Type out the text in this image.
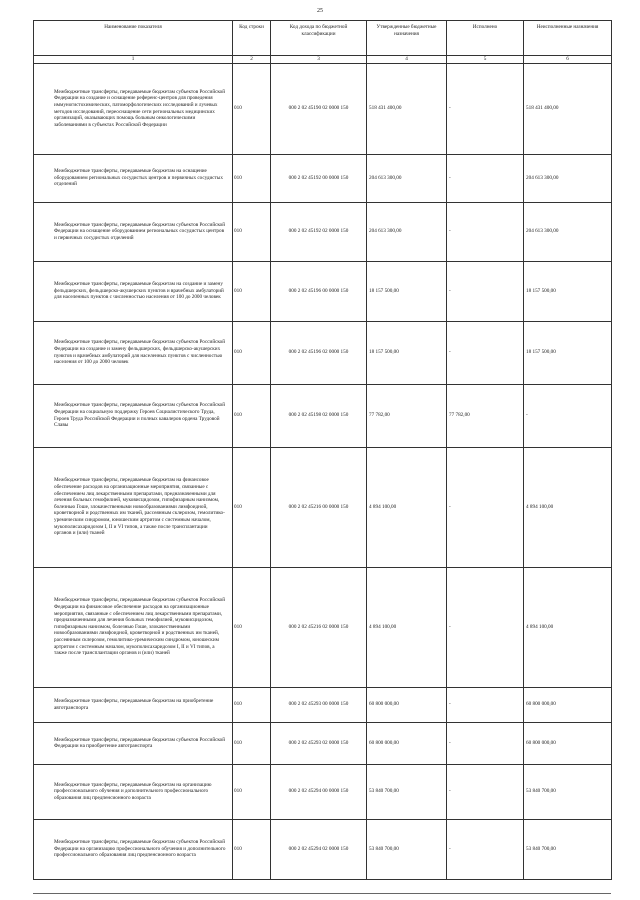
25
Наименование показателя	Код строки	Код дохода по бюджетной классификации	Утвержденные бюджетные назначения	Исполнено	Неисполненные назначения
1	2	3	4	5	6
Межбюджетные трансферты, передаваемые бюджетам субъектов Российской Федерации на создание и оснащение референс-центров для проведения иммуногистохимических, патоморфологических исследований и лучевых методов исследований, переоснащение сети региональных медицинских организаций, оказывающих помощь больным онкологическими заболеваниями в субъектах Российской Федерации	010	000 2 02 45190 02 0000 150	518 431 400,00	-	518 431 400,00
Межбюджетные трансферты, передаваемые бюджетам на оснащение оборудованием региональных сосудистых центров и первичных сосудистых отделений	010	000 2 02 45192 00 0000 150	204 613 300,00	-	204 613 300,00
Межбюджетные трансферты, передаваемые бюджетам субъектов Российской Федерации на оснащение оборудованием региональных сосудистых центров и первичных сосудистых отделений	010	000 2 02 45192 02 0000 150	204 613 300,00	-	204 613 300,00
Межбюджетные трансферты, передаваемые бюджетам на создание и замену фельдшерских, фельдшерско-акушерских пунктов и врачебных амбулаторий для населенных пунктов с численностью населения от 100 до 2000 человек	010	000 2 02 45196 00 0000 150	18 157 500,00	-	18 157 500,00
Межбюджетные трансферты, передаваемые бюджетам субъектов Российской Федерации на создание и замену фельдшерских, фельдшерско-акушерских пунктов и врачебных амбулаторий для населенных пунктов с численностью населения от 100 до 2000 человек	010	000 2 02 45196 02 0000 150	18 157 500,00	-	18 157 500,00
Межбюджетные трансферты, передаваемые бюджетам субъектов Российской Федерации на социальную поддержку Героев Социалистического Труда, Героев Труда Российской Федерации и полных кавалеров ордена Трудовой Славы	010	000 2 02 45198 02 0000 150	77 782,00	77 782,00	-
Межбюджетные трансферты, передаваемые бюджетам на финансовое обеспечение расходов на организационные мероприятия, связанные с обеспечением лиц лекарственными препаратами, предназначенными для лечения больных гемофилией, муковисцидозом, гипофизарным нанизмом, болезнью Гоше, злокачественными новообразованиями лимфоидной, кроветворной и родственных им тканей, рассеянным склерозом, гемолитико-уремическим синдромом, юношеским артритом с системным началом, мукополисахаридозом I, II и VI типов, а также после трансплантации органов и (или) тканей	010	000 2 02 45216 00 0000 150	4 894 100,00	-	4 894 100,00
Межбюджетные трансферты, передаваемые бюджетам субъектов Российской Федерации на финансовое обеспечение расходов на организационные мероприятия, связанные с обеспечением лиц лекарственными препаратами, предназначенными для лечения больных гемофилией, муковисцидозом, гипофизарным нанизмом, болезнью Гоше, злокачественными новообразованиями лимфоидной, кроветворной и родственных им тканей, рассеянным склерозом, гемолитико-уремическим синдромом, юношеским артритом с системным началом, мукополисахаридозом I, II и VI типов, а также после трансплантации органов и (или) тканей	010	000 2 02 45216 02 0000 150	4 894 100,00	-	4 894 100,00
Межбюджетные трансферты, передаваемые бюджетам на приобретение автотранспорта	010	000 2 02 45293 00 0000 150	60 800 000,00	-	60 800 000,00
Межбюджетные трансферты, передаваемые бюджетам субъектов Российской Федерации на приобретение автотранспорта	010	000 2 02 45293 02 0000 150	60 800 000,00	-	60 800 000,00
Межбюджетные трансферты, передаваемые бюджетам на организацию профессионального обучения и дополнительного профессионального образования лиц предпенсионного возраста	010	000 2 02 45294 00 0000 150	53 840 700,00	-	53 840 700,00
Межбюджетные трансферты, передаваемые бюджетам субъектов Российской Федерации на организацию профессионального обучения и дополнительного профессионального образования лиц предпенсионного возраста	010	000 2 02 45294 02 0000 150	53 840 700,00	-	53 840 700,00
